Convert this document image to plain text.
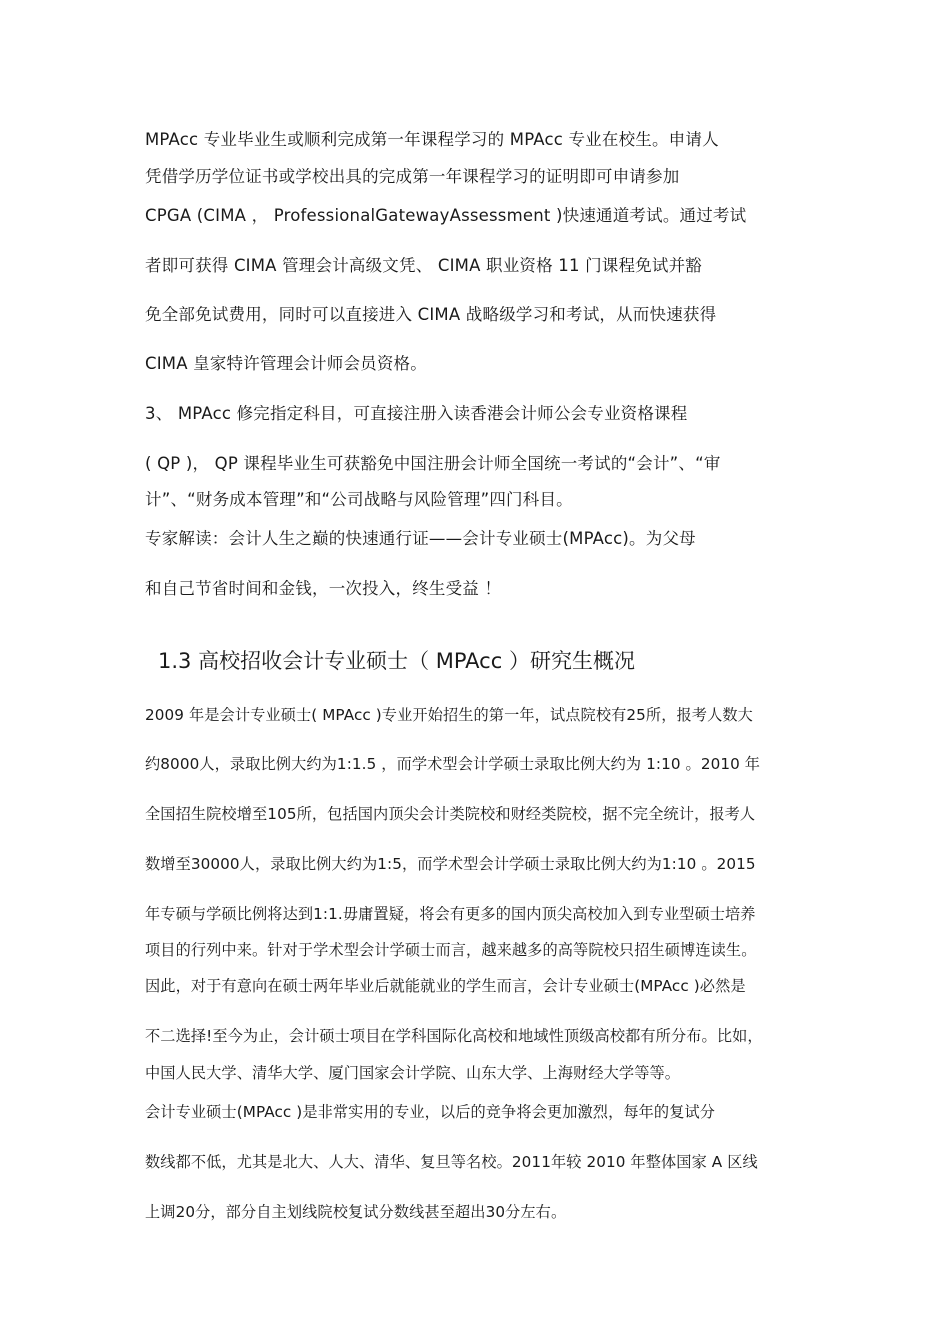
MPAcc 专业毕业生或顺利完成第一年课程学习的 MPAcc 专业在校生。申请人
凭借学历学位证书或学校出具的完成第一年课程学习的证明即可申请参加
CPGA (CIMA ， ProfessionalGatewayAssessment )快速通道考试。通过考试
者即可获得 CIMA 管理会计高级文凭、 CIMA 职业资格 11 门课程免试并豁
免全部免试费用，同时可以直接进入 CIMA 战略级学习和考试，从而快速获得
CIMA 皇家特许管理会计师会员资格。
3、 MPAcc 修完指定科目，可直接注册入读香港会计师公会专业资格课程
( QP )， QP 课程毕业生可获豁免中国注册会计师全国统一考试的“会计”、“审
计”、“财务成本管理”和“公司战略与风险管理”四门科目。
专家解读：会计人生之巅的快速通行证——会计专业硕士(MPAcc)。为父母
和自己节省时间和金钱，一次投入，终生受益 ！
1.3 高校招收会计专业硕士（ MPAcc ）研究生概况
2009 年是会计专业硕士( MPAcc )专业开始招生的第一年，试点院校有25所，报考人数大
约8000人，录取比例大约为1:1.5 ，而学术型会计学硕士录取比例大约为 1:10 。2010 年
全国招生院校增至105所，包括国内顶尖会计类院校和财经类院校，据不完全统计，报考人
数增至30000人，录取比例大约为1:5，而学术型会计学硕士录取比例大约为1:10 。2015
年专硕与学硕比例将达到1:1.毋庸置疑，将会有更多的国内顶尖高校加入到专业型硕士培养
项目的行列中来。针对于学术型会计学硕士而言，越来越多的高等院校只招生硕博连读生。
因此，对于有意向在硕士两年毕业后就能就业的学生而言，会计专业硕士(MPAcc )必然是
不二选择!至今为止，会计硕士项目在学科国际化高校和地域性顶级高校都有所分布。比如，
中国人民大学、清华大学、厦门国家会计学院、山东大学、上海财经大学等等。
会计专业硕士(MPAcc )是非常实用的专业，以后的竞争将会更加激烈，每年的复试分
数线都不低，尤其是北大、人大、清华、复旦等名校。2011年较 2010 年整体国家 A 区线
上调20分，部分自主划线院校复试分数线甚至超出30分左右。
